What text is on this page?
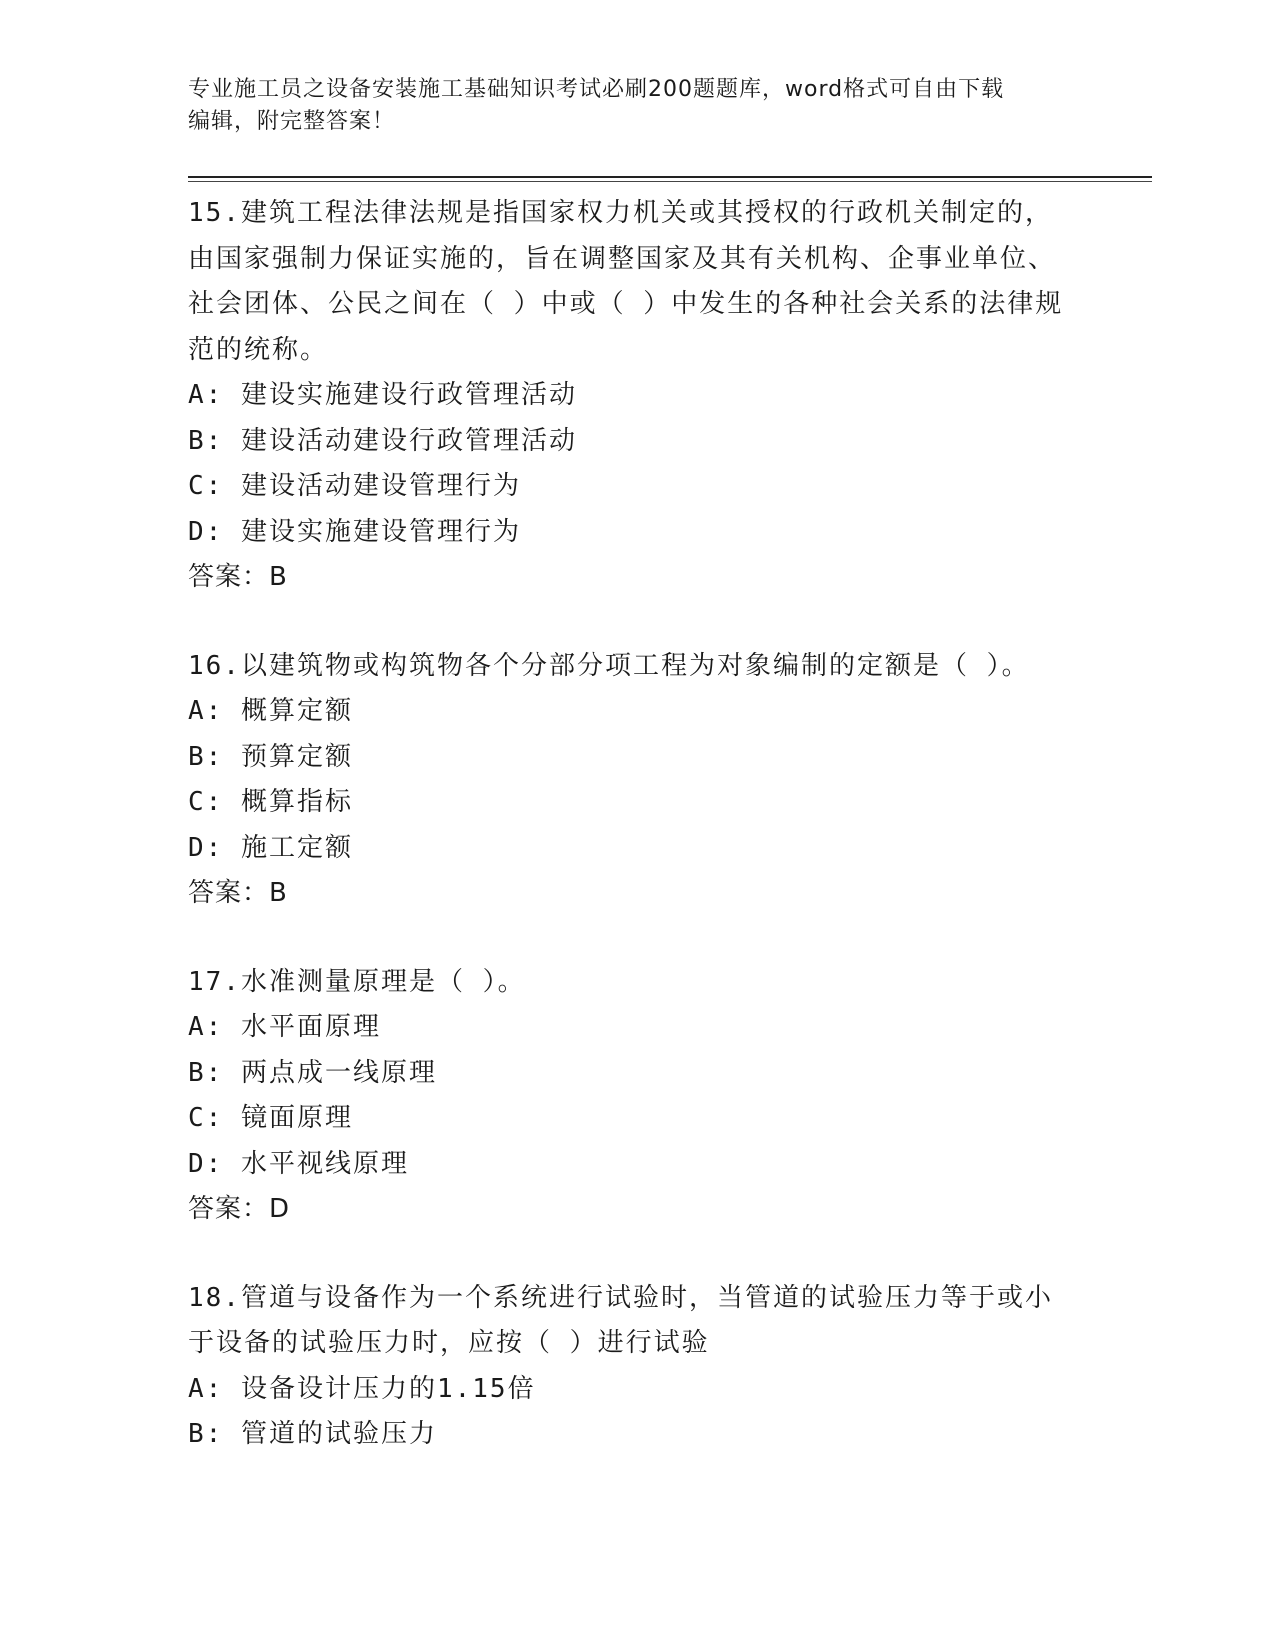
专业施工员之设备安装施工基础知识考试必刷200题题库，word格式可自由下载
编辑，附完整答案！
15.建筑工程法律法规是指国家权力机关或其授权的行政机关制定的，由国家强制力保证实施的，旨在调整国家及其有关机构、企事业单位、社会团体、公民之间在（ ）中或（ ）中发生的各种社会关系的法律规范的统称。
A: 建设实施建设行政管理活动
B: 建设活动建设行政管理活动
C: 建设活动建设管理行为
D: 建设实施建设管理行为
答案：B
16.以建筑物或构筑物各个分部分项工程为对象编制的定额是（ ）。
A: 概算定额
B: 预算定额
C: 概算指标
D: 施工定额
答案：B
17.水准测量原理是（ ）。
A: 水平面原理
B: 两点成一线原理
C: 镜面原理
D: 水平视线原理
答案：D
18.管道与设备作为一个系统进行试验时，当管道的试验压力等于或小于设备的试验压力时，应按（ ）进行试验
A: 设备设计压力的1.15倍
B: 管道的试验压力
